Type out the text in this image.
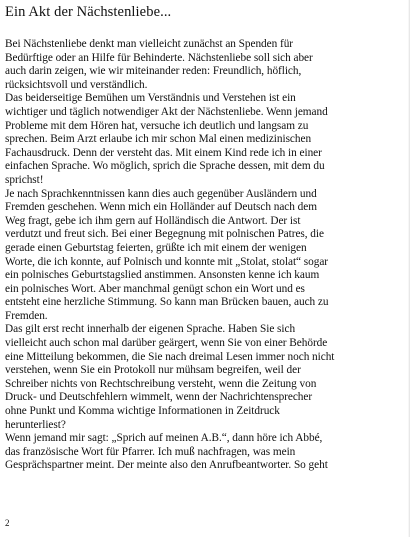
Ein Akt der Nächstenliebe...
Bei Nächstenliebe denkt man vielleicht zunächst an Spenden für
Bedürftige oder an Hilfe für Behinderte. Nächstenliebe soll sich aber
auch darin zeigen, wie wir miteinander reden: Freundlich, höflich,
rücksichtsvoll und verständlich.
Das beiderseitige Bemühen um Verständnis und Verstehen ist ein
wichtiger und täglich notwendiger Akt der Nächstenliebe. Wenn jemand
Probleme mit dem Hören hat, versuche ich deutlich und langsam zu
sprechen. Beim Arzt erlaube ich mir schon Mal einen medizinischen
Fachausdruck. Denn der versteht das. Mit einem Kind rede ich in einer
einfachen Sprache. Wo möglich, sprich die Sprache dessen, mit dem du
sprichst!
Je nach Sprachkenntnissen kann dies auch gegenüber Ausländern und
Fremden geschehen. Wenn mich ein Holländer auf Deutsch nach dem
Weg fragt, gebe ich ihm gern auf Holländisch die Antwort. Der ist
verdutzt und freut sich. Bei einer Begegnung mit polnischen Patres, die
gerade einen Geburtstag feierten, grüßte ich mit einem der wenigen
Worte, die ich konnte, auf Polnisch und konnte mit „Stolat, stolat“ sogar
ein polnisches Geburtstagslied anstimmen. Ansonsten kenne ich kaum
ein polnisches Wort. Aber manchmal genügt schon ein Wort und es
entsteht eine herzliche Stimmung. So kann man Brücken bauen, auch zu
Fremden.
Das gilt erst recht innerhalb der eigenen Sprache. Haben Sie sich
vielleicht auch schon mal darüber geärgert, wenn Sie von einer Behörde
eine Mitteilung bekommen, die Sie nach dreimal Lesen immer noch nicht
verstehen, wenn Sie ein Protokoll nur mühsam begreifen, weil der
Schreiber nichts von Rechtschreibung versteht, wenn die Zeitung von
Druck- und Deutschfehlern wimmelt, wenn der Nachrichtensprecher
ohne Punkt und Komma wichtige Informationen in Zeitdruck
herunterliest?
Wenn jemand mir sagt: „Sprich auf meinen A.B.“, dann höre ich Abbé,
das französische Wort für Pfarrer. Ich muß nachfragen, was mein
Gesprächspartner meint. Der meinte also den Anrufbeantworter. So geht
2
